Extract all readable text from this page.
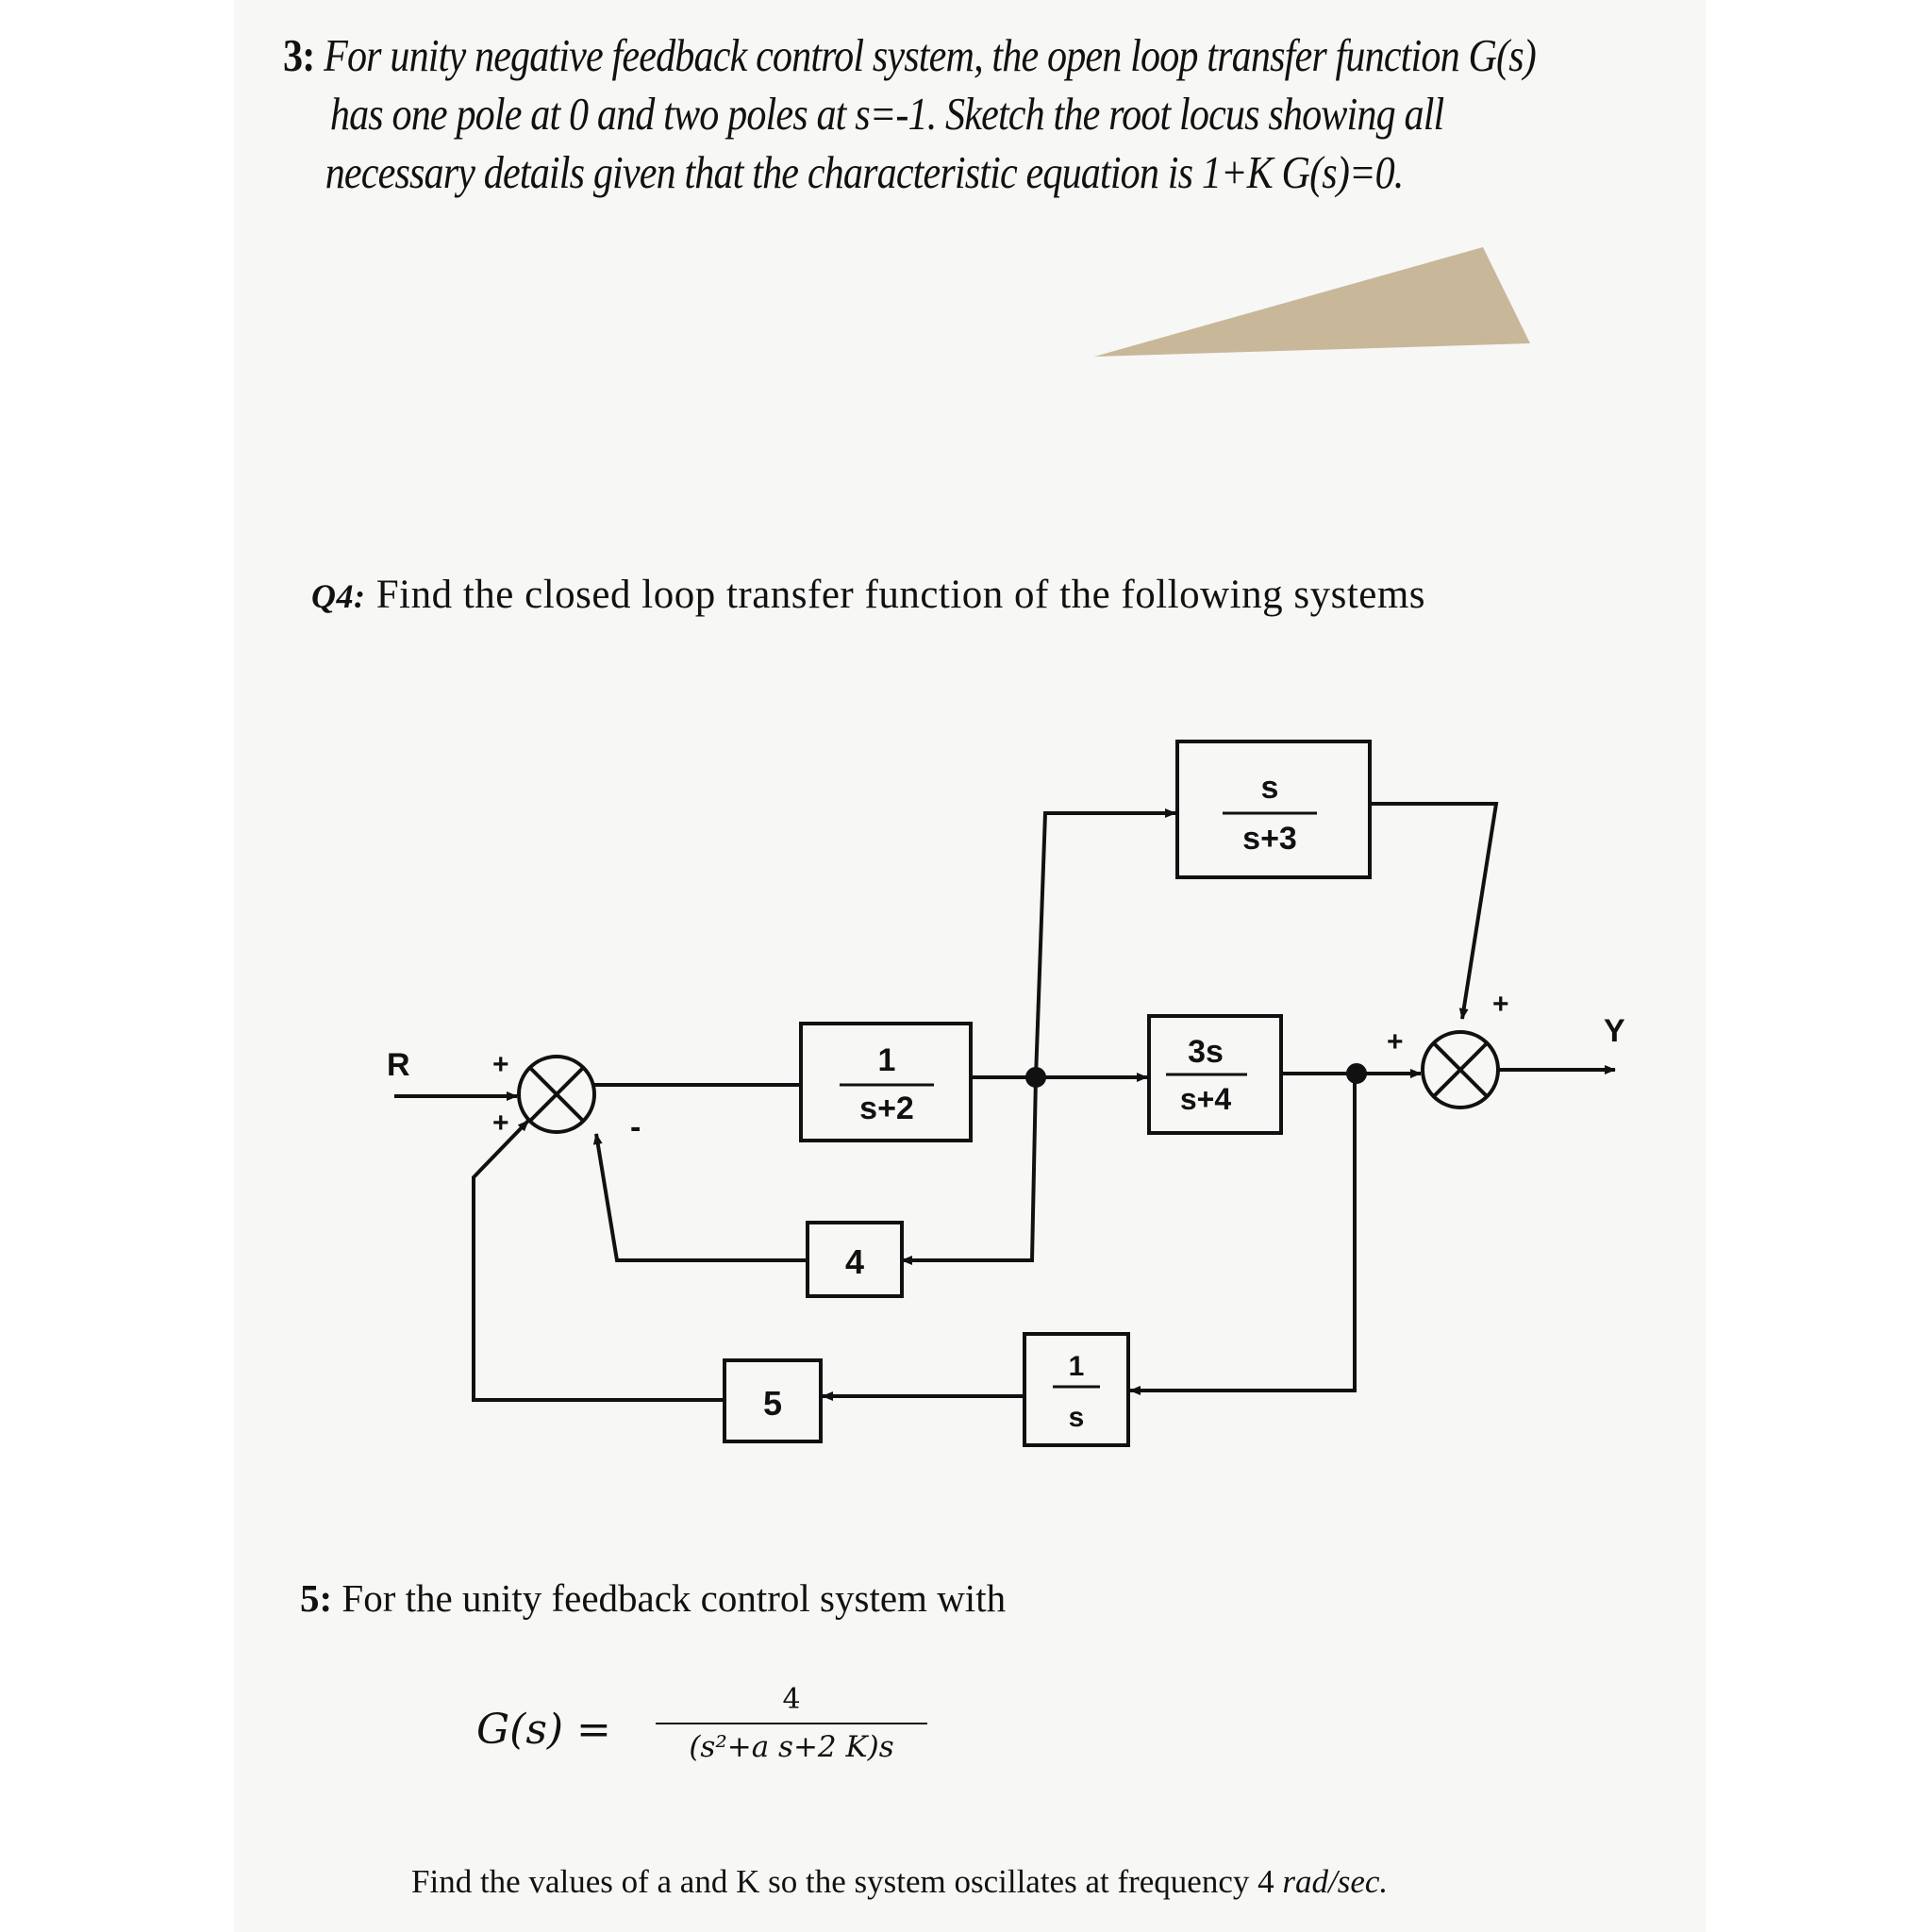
3: For unity negative feedback control system, the open loop transfer function G(s)
has one pole at 0 and two poles at s=-1. Sketch the root locus showing all
necessary details given that the characteristic equation is 1+K G(s)=0.
Q4: Find the closed loop transfer function of the following systems
R
Y
s
s+3
1
s+2
3s
s+4
4
5
1
s
+
+	-
+
+
5: For the unity feedback control system with
G(s) =
4
(s²+a s+2 K)s
Find the values of a and K so the system oscillates at frequency 4 rad/sec.
